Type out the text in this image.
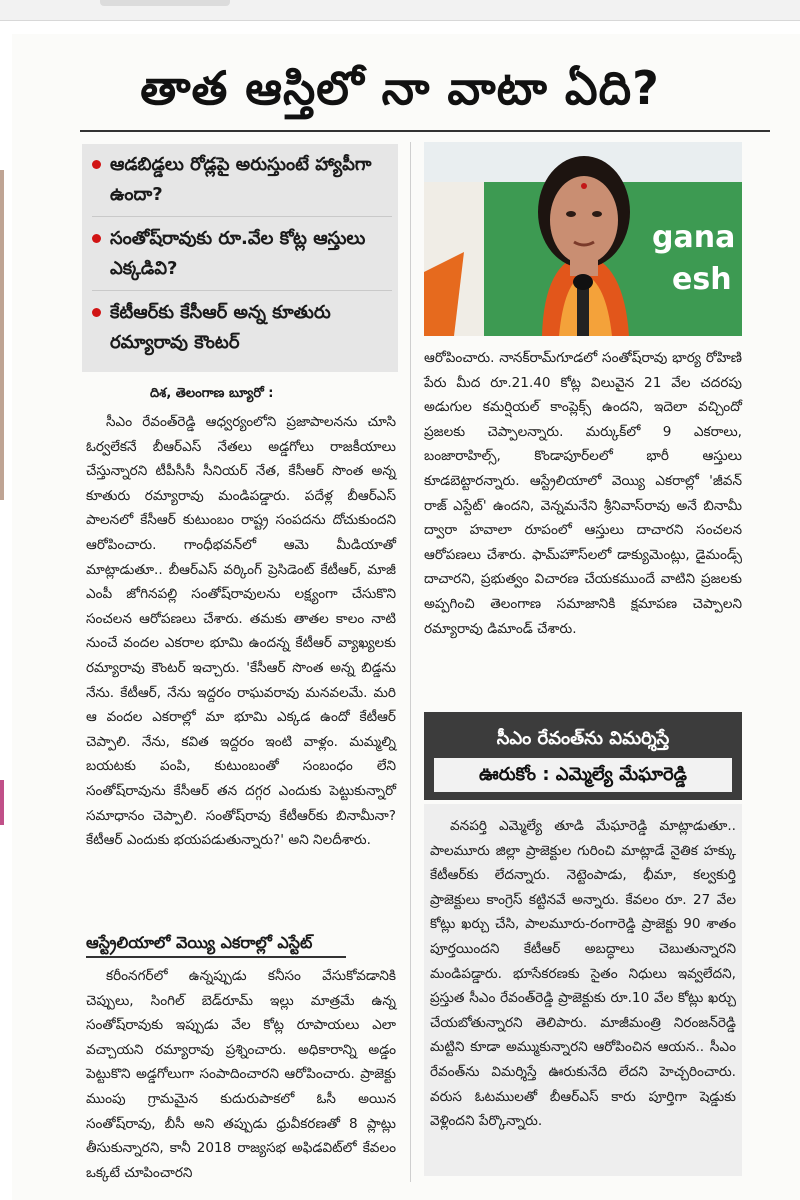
తాత ఆస్తిలో నా వాటా ఏది?
ఆడబిడ్డలు రోడ్లపై అరుస్తుంటే హ్యాపీగా ఉందా?
సంతోష్‌రావుకు రూ.వేల కోట్ల ఆస్తులు ఎక్కడివి?
కేటీఆర్‌కు కేసీఆర్ అన్న కూతురు రమ్యారావు కౌంటర్
gana
esh
దిశ, తెలంగాణ బ్యూరో :

సీఎం రేవంత్‌రెడ్డి ఆధ్వర్యంలోని ప్రజాపాలనను చూసి ఓర్వలేకనే బీఆర్ఎస్ నేతలు అడ్డగోలు రాజకీయాలు చేస్తున్నారని టీపీసీసీ సీనియర్ నేత, కేసీఆర్ సొంత అన్న కూతురు రమ్యారావు మండిపడ్డారు. పదేళ్ల బీఆర్ఎస్ పాలనలో కేసీఆర్ కుటుంబం రాష్ట్ర సంపదను దోచుకుందని ఆరోపించారు. గాంధీభవన్‌లో ఆమె మీడియాతో మాట్లాడుతూ.. బీఆర్ఎస్ వర్కింగ్ ప్రెసిడెంట్ కేటీఆర్, మాజీ ఎంపీ జోగినపల్లి సంతోష్‌రావులను లక్ష్యంగా చేసుకొని సంచలన ఆరోపణలు చేశారు. తమకు తాతల కాలం నాటి నుంచే వందల ఎకరాల భూమి ఉందన్న కేటీఆర్ వ్యాఖ్యలకు రమ్యారావు కౌంటర్ ఇచ్చారు. 'కేసీఆర్ సొంత అన్న బిడ్డను నేను. కేటీఆర్, నేను ఇద్దరం రాఘవరావు మనవలమే. మరి ఆ వందల ఎకరాల్లో మా భూమి ఎక్కడ ఉందో కేటీఆర్ చెప్పాలి. నేను, కవిత ఇద్దరం ఇంటి వాళ్లం. మమ్మల్ని బయటకు పంపి, కుటుంబంతో సంబంధం లేని సంతోష్‌రావును కేసీఆర్ తన దగ్గర ఎందుకు పెట్టుకున్నారో సమాధానం చెప్పాలి. సంతోష్‌రావు కేటీఆర్‌కు బినామీనా? కేటీఆర్ ఎందుకు భయపడుతున్నారు?' అని నిలదీశారు.

ఆస్ట్రేలియాలో వెయ్యి ఎకరాల్లో ఎస్టేట్

కరీంనగర్‌లో ఉన్నప్పుడు కనీసం వేసుకోవడానికి చెప్పులు, సింగిల్ బెడ్‌రూమ్ ఇల్లు మాత్రమే ఉన్న సంతోష్‌రావుకు ఇప్పుడు వేల కోట్ల రూపాయలు ఎలా వచ్చాయని రమ్యారావు ప్రశ్నించారు. అధికారాన్ని అడ్డం పెట్టుకొని అడ్డగోలుగా సంపాదించారని ఆరోపించారు. ప్రాజెక్టు ముంపు గ్రామమైన కుదురుపాకలో ఓసీ అయిన సంతోష్‌రావు, బీసీ అని తప్పుడు ధ్రువీకరణతో 8 ప్లాట్లు తీసుకున్నారని, కానీ 2018 రాజ్యసభ అఫిడవిట్‌లో కేవలం ఒక్కటే చూపించారని

ఆరోపించారు. నానక్‌రామ్‌గూడలో సంతోష్‌రావు భార్య రోహిణి పేరు మీద రూ.21.40 కోట్ల విలువైన 21 వేల చదరపు అడుగుల కమర్షియల్ కాంప్లెక్స్ ఉందని, ఇదెలా వచ్చిందో ప్రజలకు చెప్పాలన్నారు. మర్కుక్‌లో 9 ఎకరాలు, బంజారాహిల్స్, కొండాపూర్‌లలో భారీ ఆస్తులు కూడబెట్టారన్నారు. ఆస్ట్రేలియాలో వెయ్యి ఎకరాల్లో 'జీవన్ రాజ్ ఎస్టేట్' ఉందని, వెన్నమనేని శ్రీనివాస్‌రావు అనే బినామీ ద్వారా హవాలా రూపంలో ఆస్తులు దాచారని సంచలన ఆరోపణలు చేశారు. ఫామ్‌హౌస్‌లలో డాక్యుమెంట్లు, డైమండ్స్ దాచారని, ప్రభుత్వం విచారణ చేయకముందే వాటిని ప్రజలకు అప్పగించి తెలంగాణ సమాజానికి క్షమాపణ చెప్పాలని రమ్యారావు డిమాండ్ చేశారు.

సీఎం రేవంత్‌ను విమర్శిస్తే
ఊరుకోం : ఎమ్మెల్యే మేఘారెడ్డి

వనపర్తి ఎమ్మెల్యే తూడి మేఘారెడ్డి మాట్లాడుతూ.. పాలమూరు జిల్లా ప్రాజెక్టుల గురించి మాట్లాడే నైతిక హక్కు కేటీఆర్‌కు లేదన్నారు. నెట్టెంపాడు, భీమా, కల్వకుర్తి ప్రాజెక్టులు కాంగ్రెస్ కట్టినవే అన్నారు. కేవలం రూ. 27 వేల కోట్లు ఖర్చు చేసి, పాలమూరు-రంగారెడ్డి ప్రాజెక్టు 90 శాతం పూర్తయిందని కేటీఆర్ అబద్ధాలు చెబుతున్నారని మండిపడ్డారు. భూసేకరణకు సైతం నిధులు ఇవ్వలేదని, ప్రస్తుత సీఎం రేవంత్‌రెడ్డి ప్రాజెక్టుకు రూ.10 వేల కోట్లు ఖర్చు చేయబోతున్నారని తెలిపారు. మాజీమంత్రి నిరంజన్‌రెడ్డి మట్టిని కూడా అమ్ముకున్నారని ఆరోపించిన ఆయన.. సీఎం రేవంత్‌ను విమర్శిస్తే ఊరుకునేది లేదని హెచ్చరించారు. వరుస ఓటములతో బీఆర్ఎస్ కారు పూర్తిగా షెడ్డుకు వెళ్లిందని పేర్కొన్నారు.
